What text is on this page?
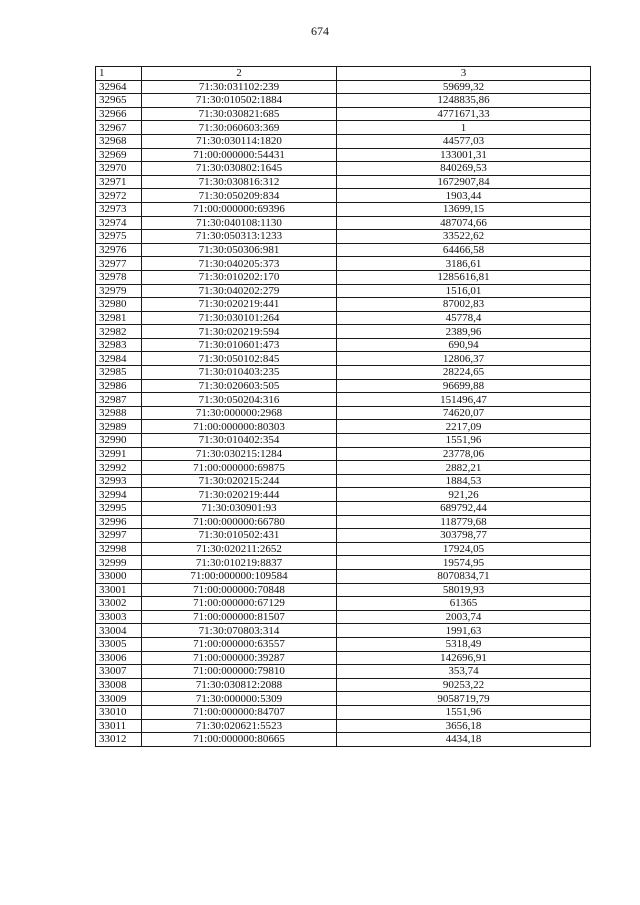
674
1	2	3
32964	71:30:031102:239	59699,32
32965	71:30:010502:1884	1248835,86
32966	71:30:030821:685	4771671,33
32967	71:30:060603:369	1
32968	71:30:030114:1820	44577,03
32969	71:00:000000:54431	133001,31
32970	71:30:030802:1645	840269,53
32971	71:30:030816:312	1672907,84
32972	71:30:050209:834	1903,44
32973	71:00:000000:69396	13699,15
32974	71:30:040108:1130	487074,66
32975	71:30:050313:1233	33522,62
32976	71:30:050306:981	64466,58
32977	71:30:040205:373	3186,61
32978	71:30:010202:170	1285616,81
32979	71:30:040202:279	1516,01
32980	71:30:020219:441	87002,83
32981	71:30:030101:264	45778,4
32982	71:30:020219:594	2389,96
32983	71:30:010601:473	690,94
32984	71:30:050102:845	12806,37
32985	71:30:010403:235	28224,65
32986	71:30:020603:505	96699,88
32987	71:30:050204:316	151496,47
32988	71:30:000000:2968	74620,07
32989	71:00:000000:80303	2217,09
32990	71:30:010402:354	1551,96
32991	71:30:030215:1284	23778,06
32992	71:00:000000:69875	2882,21
32993	71:30:020215:244	1884,53
32994	71:30:020219:444	921,26
32995	71:30:030901:93	689792,44
32996	71:00:000000:66780	118779,68
32997	71:30:010502:431	303798,77
32998	71:30:020211:2652	17924,05
32999	71:30:010219:8837	19574,95
33000	71:00:000000:109584	8070834,71
33001	71:00:000000:70848	58019,93
33002	71:00:000000:67129	61365
33003	71:00:000000:81507	2003,74
33004	71:30:070803:314	1991,63
33005	71:00:000000:63557	5318,49
33006	71:00:000000:39287	142696,91
33007	71:00:000000:79810	353,74
33008	71:30:030812:2088	90253,22
33009	71:30:000000:5309	9058719,79
33010	71:00:000000:84707	1551,96
33011	71:30:020621:5523	3656,18
33012	71:00:000000:80665	4434,18
